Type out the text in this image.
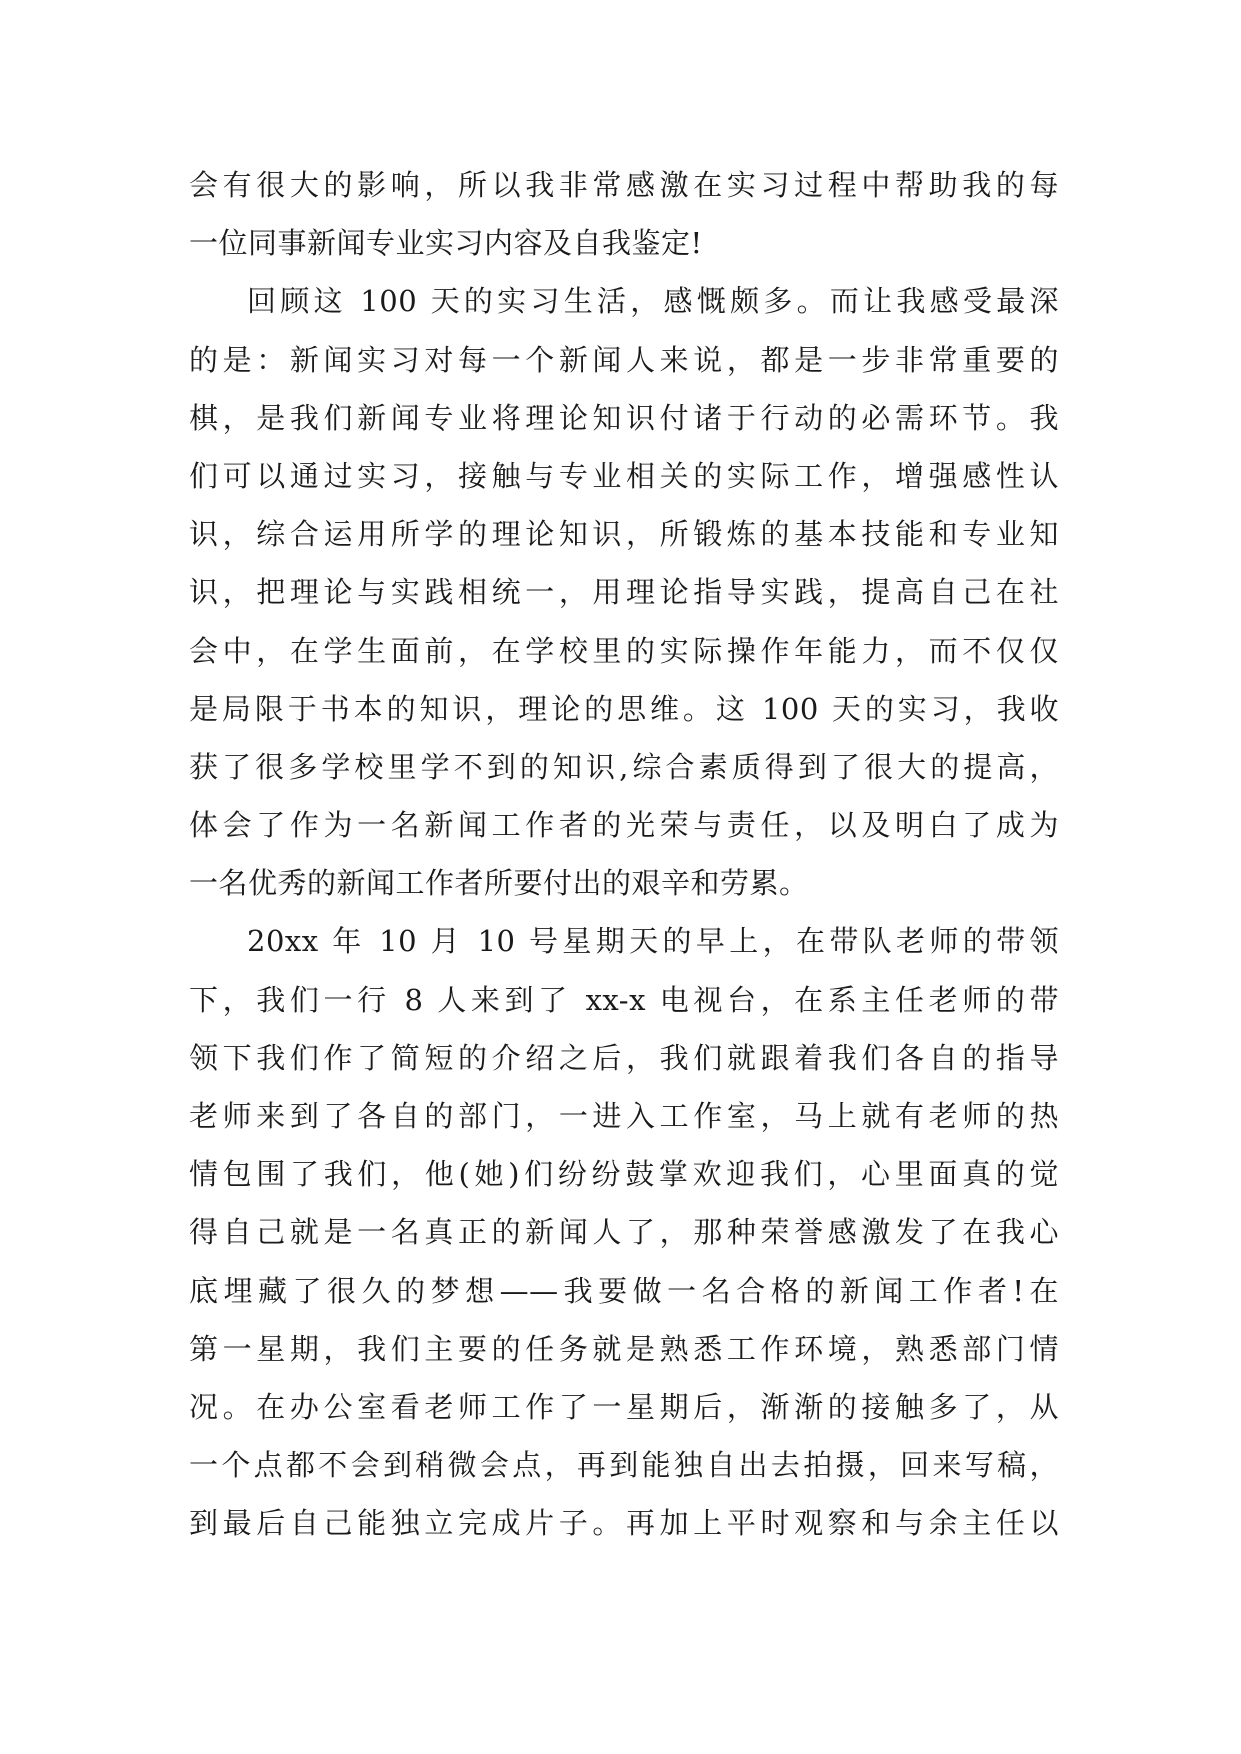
会有很大的影响，所以我非常感激在实习过程中帮助我的每
一位同事新闻专业实习内容及自我鉴定!
回顾这 100 天的实习生活，感慨颇多。而让我感受最深
的是：新闻实习对每一个新闻人来说，都是一步非常重要的
棋，是我们新闻专业将理论知识付诸于行动的必需环节。我
们可以通过实习，接触与专业相关的实际工作，增强感性认
识，综合运用所学的理论知识，所锻炼的基本技能和专业知
识，把理论与实践相统一，用理论指导实践，提高自己在社
会中，在学生面前，在学校里的实际操作年能力，而不仅仅
是局限于书本的知识，理论的思维。这 100 天的实习，我收
获了很多学校里学不到的知识,综合素质得到了很大的提高，
体会了作为一名新闻工作者的光荣与责任，以及明白了成为
一名优秀的新闻工作者所要付出的艰辛和劳累。
20xx 年 10 月 10 号星期天的早上，在带队老师的带领
下，我们一行 8 人来到了 xx-x 电视台，在系主任老师的带
领下我们作了简短的介绍之后，我们就跟着我们各自的指导
老师来到了各自的部门，一进入工作室，马上就有老师的热
情包围了我们，他(她)们纷纷鼓掌欢迎我们，心里面真的觉
得自己就是一名真正的新闻人了，那种荣誉感激发了在我心
底埋藏了很久的梦想——我要做一名合格的新闻工作者!在
第一星期，我们主要的任务就是熟悉工作环境，熟悉部门情
况。在办公室看老师工作了一星期后，渐渐的接触多了，从
一个点都不会到稍微会点，再到能独自出去拍摄，回来写稿，
到最后自己能独立完成片子。再加上平时观察和与余主任以
